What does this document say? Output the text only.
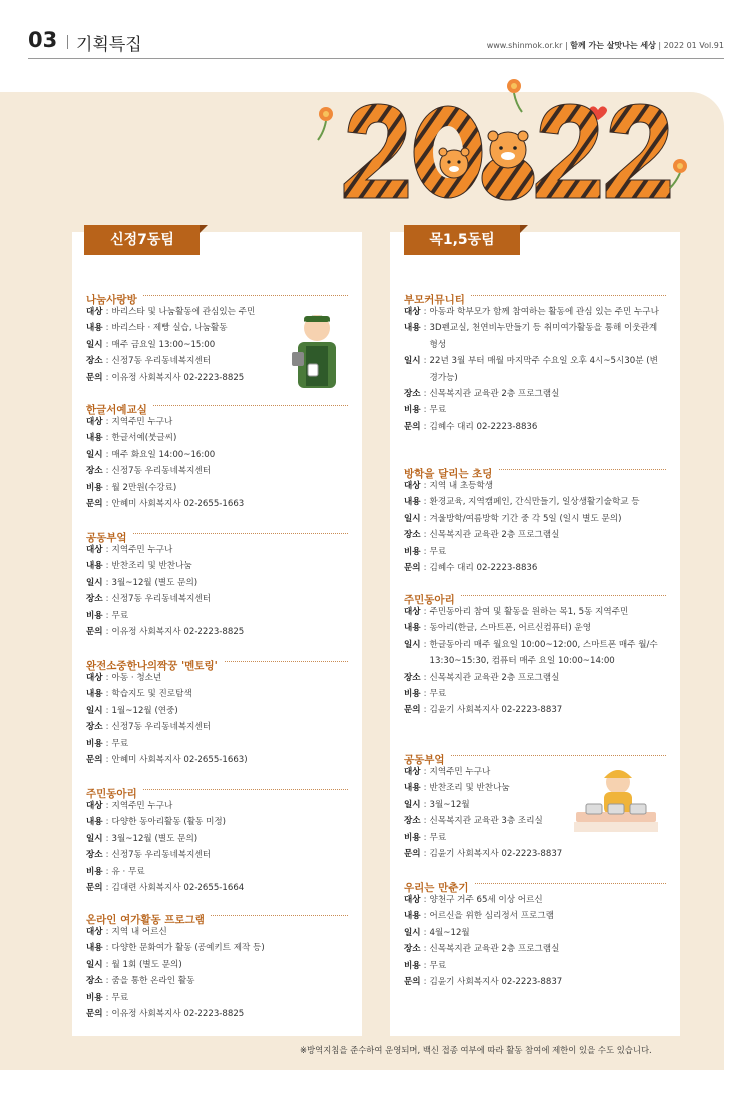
03 기획특집	www.shinmok.or.kr | 함께 가는 살맛나는 세상 | 2022 01 Vol.91
신정7동팀	목1,5동팀
나눔사랑방
대상 : 바리스타 및 나눔활동에 관심있는 주민
내용 : 바리스타 · 제빵 실습, 나눔활동
일시 : 매주 금요일 13:00~15:00
장소 : 신정7동 우리동네복지센터
문의 : 이유정 사회복지사 02-2223-8825
한글서예교실
대상 : 지역주민 누구나
내용 : 한글서예(붓글씨)
일시 : 매주 화요일 14:00~16:00
장소 : 신정7동 우리동네복지센터
비용 : 월 2만원(수강료)
문의 : 안혜미 사회복지사 02-2655-1663
공동부엌
대상 : 지역주민 누구나
내용 : 반찬조리 및 반찬나눔
일시 : 3월~12월 (별도 문의)
장소 : 신정7동 우리동네복지센터
비용 : 무료
문의 : 이유정 사회복지사 02-2223-8825
완전소중한나의짝꿍 '멘토링'
대상 : 아동 · 청소년
내용 : 학습지도 및 진로탐색
일시 : 1월~12월 (연중)
장소 : 신정7동 우리동네복지센터
비용 : 무료
문의 : 안혜미 사회복지사 02-2655-1663)
주민동아리
대상 : 지역주민 누구나
내용 : 다양한 동아리활동 (활동 미정)
일시 : 3월~12월 (별도 문의)
장소 : 신정7동 우리동네복지센터
비용 : 유 · 무료
문의 : 김대련 사회복지사 02-2655-1664
온라인 여가활동 프로그램
대상 : 지역 내 어르신
내용 : 다양한 문화여가 활동 (공예키트 제작 등)
일시 : 월 1회 (별도 문의)
장소 : 줌을 통한 온라인 활동
비용 : 무료
문의 : 이유정 사회복지사 02-2223-8825
부모커뮤니티
대상 : 아동과 학부모가 함께 참여하는 활동에 관심 있는 주민 누구나
내용 : 3D펜교실, 천연비누만들기 등 취미여가활동을 통해 이웃관계 형성
일시 : 22년 3월 부터 매월 마지막주 수요일 오후 4시~5시30분 (변경가능)
장소 : 신목복지관 교육관 2층 프로그램실
비용 : 무료
문의 : 김혜수 대리 02-2223-8836
방학을 달리는 초딩
대상 : 지역 내 초등학생
내용 : 환경교육, 지역캠페인, 간식만들기, 일상생활기술학교 등
일시 : 겨울방학/여름방학 기간 중 각 5일 (일시 별도 문의)
장소 : 신목복지관 교육관 2층 프로그램실
비용 : 무료
문의 : 김혜수 대리 02-2223-8836
주민동아리
대상 : 주민동아리 참여 및 활동을 원하는 목1, 5동 지역주민
내용 : 동아리(한글, 스마트폰, 어르신컴퓨터) 운영
일시 : 한글동아리 매주 월요일 10:00~12:00, 스마트폰 매주 월/수 13:30~15:30, 컴퓨터 매주 요일 10:00~14:00
장소 : 신목복지관 교육관 2층 프로그램실
비용 : 무료
문의 : 김윤기 사회복지사 02-2223-8837
공동부엌
대상 : 지역주민 누구나
내용 : 반찬조리 및 반찬나눔
일시 : 3월~12월
장소 : 신목복지관 교육관 3층 조리실
비용 : 무료
문의 : 김윤기 사회복지사 02-2223-8837
우리는 만춘기
대상 : 양천구 거주 65세 이상 어르신
내용 : 어르신을 위한 심리정서 프로그램
일시 : 4월~12월
장소 : 신목복지관 교육관 2층 프로그램실
비용 : 무료
문의 : 김윤기 사회복지사 02-2223-8837
※방역지침을 준수하여 운영되며, 백신 접종 여부에 따라 활동 참여에 제한이 있을 수도 있습니다.
